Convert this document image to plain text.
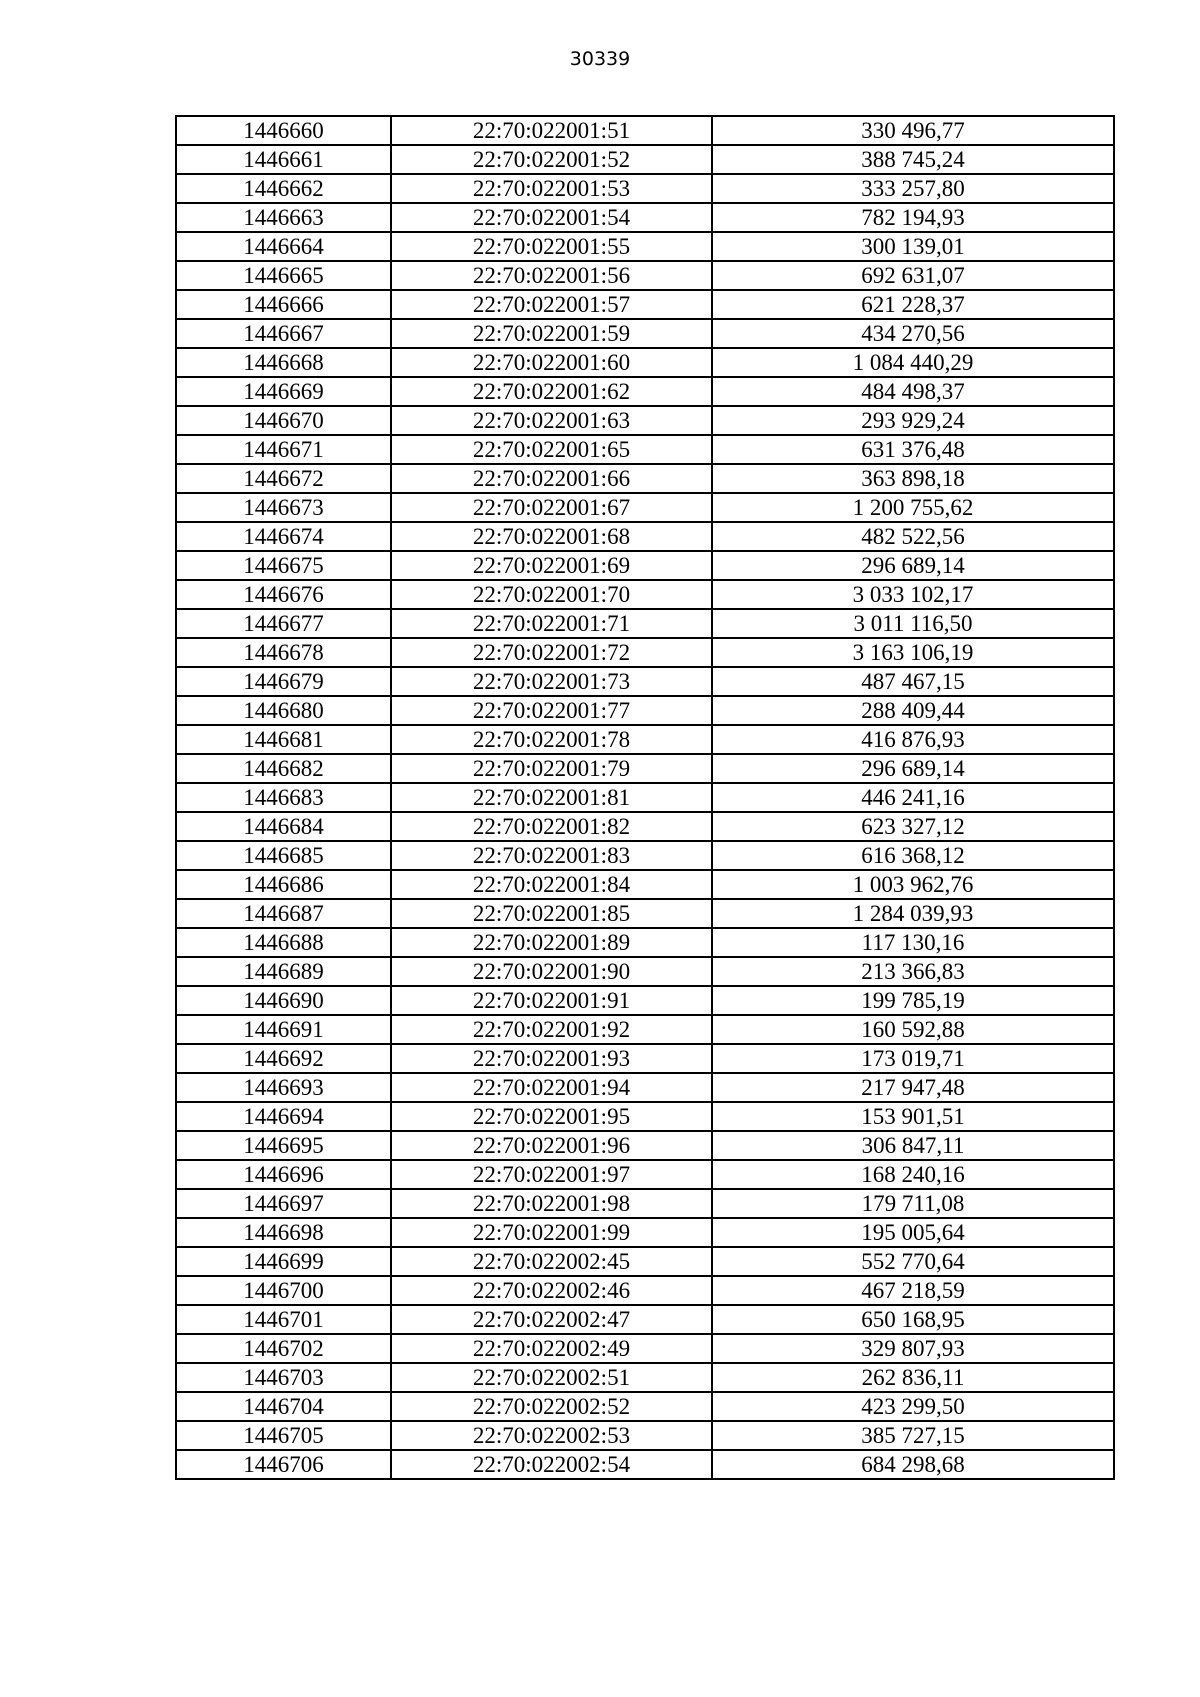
30339
1446660	22:70:022001:51	330 496,77
1446661	22:70:022001:52	388 745,24
1446662	22:70:022001:53	333 257,80
1446663	22:70:022001:54	782 194,93
1446664	22:70:022001:55	300 139,01
1446665	22:70:022001:56	692 631,07
1446666	22:70:022001:57	621 228,37
1446667	22:70:022001:59	434 270,56
1446668	22:70:022001:60	1 084 440,29
1446669	22:70:022001:62	484 498,37
1446670	22:70:022001:63	293 929,24
1446671	22:70:022001:65	631 376,48
1446672	22:70:022001:66	363 898,18
1446673	22:70:022001:67	1 200 755,62
1446674	22:70:022001:68	482 522,56
1446675	22:70:022001:69	296 689,14
1446676	22:70:022001:70	3 033 102,17
1446677	22:70:022001:71	3 011 116,50
1446678	22:70:022001:72	3 163 106,19
1446679	22:70:022001:73	487 467,15
1446680	22:70:022001:77	288 409,44
1446681	22:70:022001:78	416 876,93
1446682	22:70:022001:79	296 689,14
1446683	22:70:022001:81	446 241,16
1446684	22:70:022001:82	623 327,12
1446685	22:70:022001:83	616 368,12
1446686	22:70:022001:84	1 003 962,76
1446687	22:70:022001:85	1 284 039,93
1446688	22:70:022001:89	117 130,16
1446689	22:70:022001:90	213 366,83
1446690	22:70:022001:91	199 785,19
1446691	22:70:022001:92	160 592,88
1446692	22:70:022001:93	173 019,71
1446693	22:70:022001:94	217 947,48
1446694	22:70:022001:95	153 901,51
1446695	22:70:022001:96	306 847,11
1446696	22:70:022001:97	168 240,16
1446697	22:70:022001:98	179 711,08
1446698	22:70:022001:99	195 005,64
1446699	22:70:022002:45	552 770,64
1446700	22:70:022002:46	467 218,59
1446701	22:70:022002:47	650 168,95
1446702	22:70:022002:49	329 807,93
1446703	22:70:022002:51	262 836,11
1446704	22:70:022002:52	423 299,50
1446705	22:70:022002:53	385 727,15
1446706	22:70:022002:54	684 298,68
